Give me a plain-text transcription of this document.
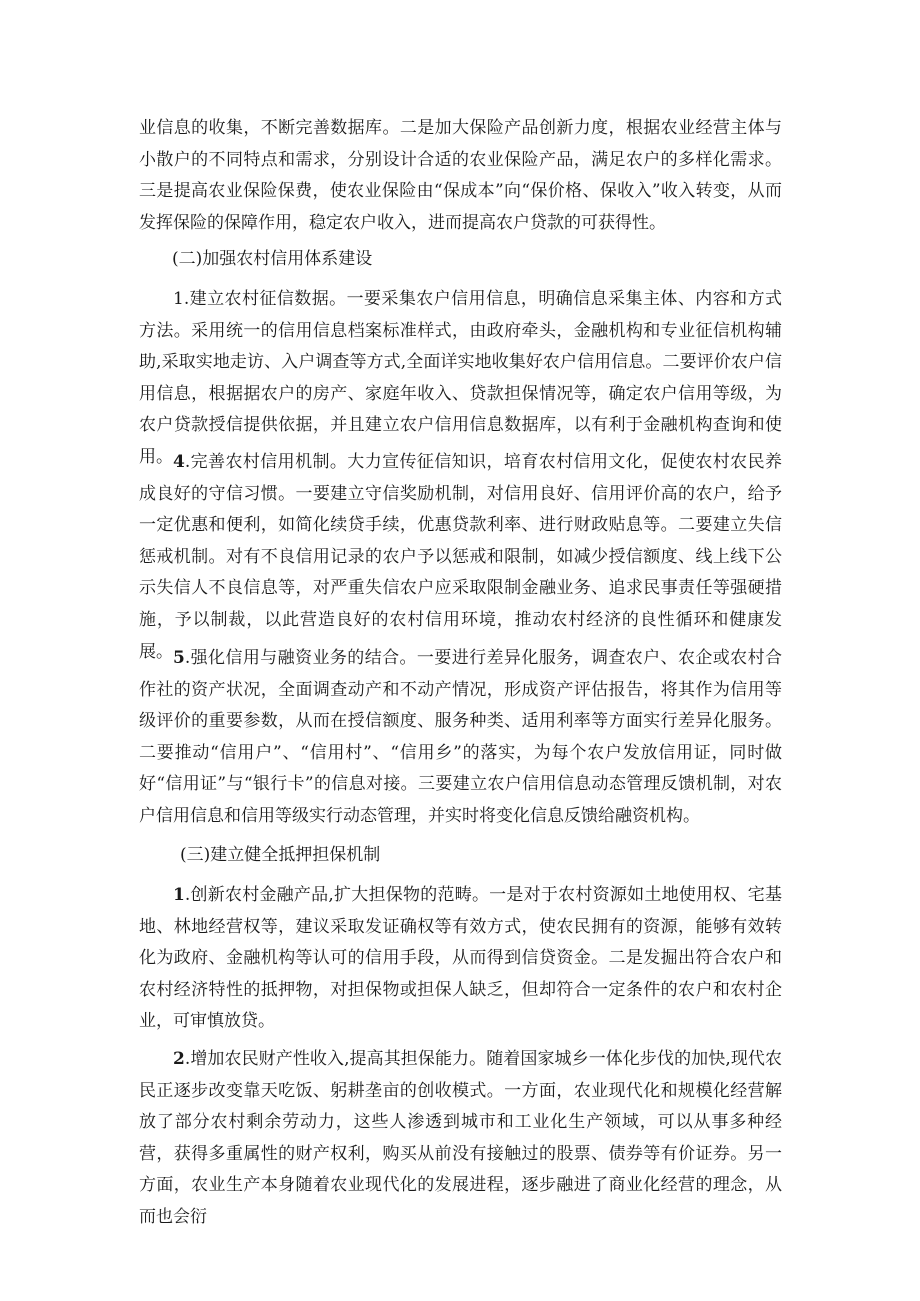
业信息的收集，不断完善数据库。二是加大保险产品创新力度，根据农业经营主体与小散户的不同特点和需求，分别设计合适的农业保险产品，满足农户的多样化需求。三是提高农业保险保费，使农业保险由“保成本”向“保价格、保收入”收入转变，从而发挥保险的保障作用，稳定农户收入，进而提高农户贷款的可获得性。

(二)加强农村信用体系建设

1.建立农村征信数据。一要采集农户信用信息，明确信息采集主体、内容和方式方法。采用统一的信用信息档案标准样式，由政府牵头，金融机构和专业征信机构辅助,采取实地走访、入户调查等方式,全面详实地收集好农户信用信息。二要评价农户信用信息，根据据农户的房产、家庭年收入、贷款担保情况等，确定农户信用等级，为农户贷款授信提供依据，并且建立农户信用信息数据库，以有利于金融机构查询和使用。 4.完善农村信用机制。大力宣传征信知识，培育农村信用文化，促使农村农民养成良好的守信习惯。一要建立守信奖励机制，对信用良好、信用评价高的农户，给予一定优惠和便利，如简化续贷手续，优惠贷款利率、进行财政贴息等。二要建立失信惩戒机制。对有不良信用记录的农户予以惩戒和限制，如减少授信额度、线上线下公示失信人不良信息等，对严重失信农户应采取限制金融业务、追求民事责任等强硬措施，予以制裁，以此营造良好的农村信用环境，推动农村经济的良性循环和健康发展。 5.强化信用与融资业务的结合。一要进行差异化服务，调查农户、农企或农村合作社的资产状况，全面调查动产和不动产情况，形成资产评估报告，将其作为信用等级评价的重要参数，从而在授信额度、服务种类、适用利率等方面实行差异化服务。二要推动“信用户”、“信用村”、“信用乡”的落实，为每个农户发放信用证，同时做好“信用证”与“银行卡”的信息对接。三要建立农户信用信息动态管理反馈机制，对农户信用信息和信用等级实行动态管理，并实时将变化信息反馈给融资机构。

(三)建立健全抵押担保机制

1.创新农村金融产品,扩大担保物的范畴。一是对于农村资源如土地使用权、宅基地、林地经营权等，建议采取发证确权等有效方式，使农民拥有的资源，能够有效转化为政府、金融机构等认可的信用手段，从而得到信贷资金。二是发掘出符合农户和农村经济特性的抵押物，对担保物或担保人缺乏，但却符合一定条件的农户和农村企业，可审慎放贷。

2.增加农民财产性收入,提高其担保能力。随着国家城乡一体化步伐的加快,现代农民正逐步改变靠天吃饭、躬耕垄亩的创收模式。一方面，农业现代化和规模化经营解放了部分农村剩余劳动力，这些人渗透到城市和工业化生产领域，可以从事多种经营，获得多重属性的财产权利，购买从前没有接触过的股票、债券等有价证券。另一方面，农业生产本身随着农业现代化的发展进程，逐步融进了商业化经营的理念，从而也会衍
